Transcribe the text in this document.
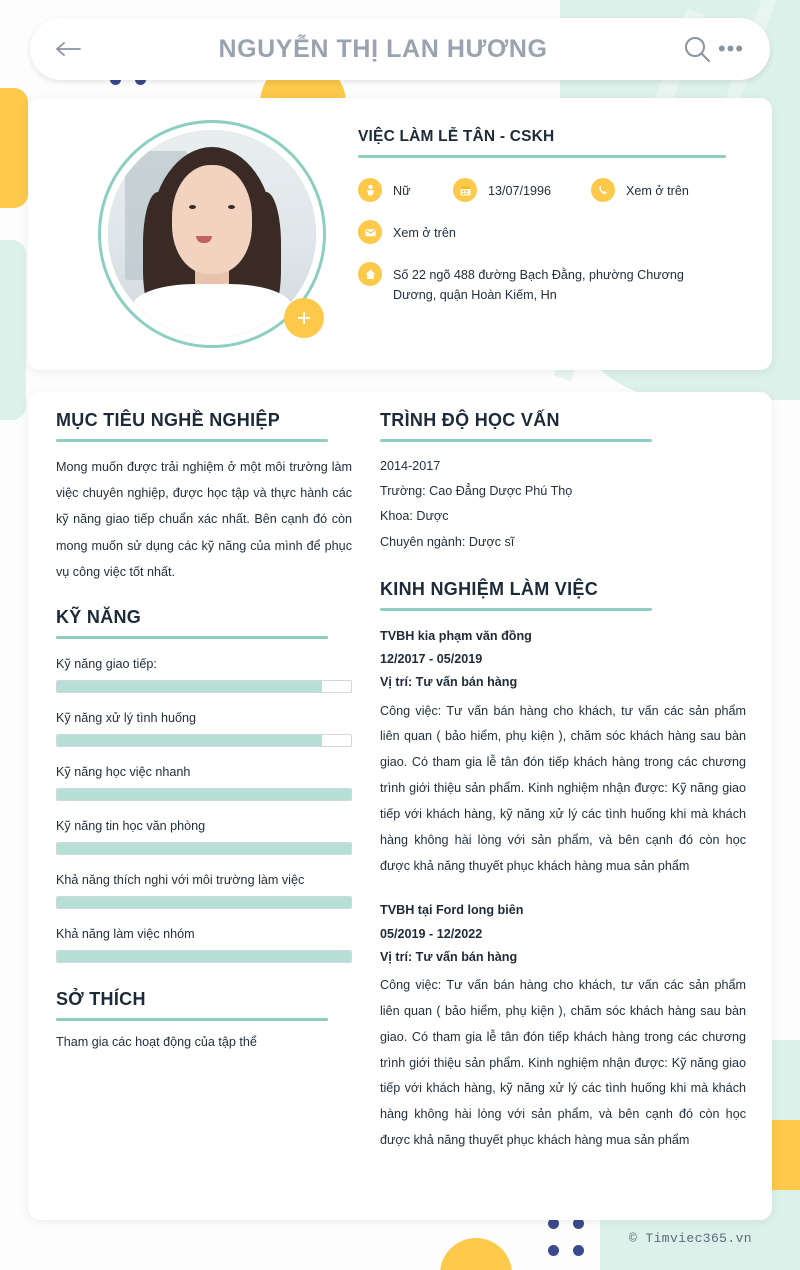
NGUYỄN THỊ LAN HƯƠNG	•••
+
VIỆC LÀM LỄ TÂN - CSKH
Nữ	13/07/1996	Xem ở trên
Xem ở trên
Số 22 ngõ 488 đường Bạch Đằng, phường Chương Dương, quận Hoàn Kiếm, Hn
MỤC TIÊU NGHỀ NGHIỆP
Mong muốn được trải nghiệm ở một môi trường làm việc chuyên nghiệp, được học tập và thực hành các kỹ năng giao tiếp chuẩn xác nhất. Bên cạnh đó còn mong muốn sử dụng các kỹ năng của mình để phục vụ công việc tốt nhất.
KỸ NĂNG
Kỹ năng giao tiếp:
Kỹ năng xử lý tình huống
Kỹ năng học việc nhanh
Kỹ năng tin học văn phòng
Khả năng thích nghi với môi trường làm việc
Khả năng làm việc nhóm
SỞ THÍCH
Tham gia các hoạt động của tập thể
TRÌNH ĐỘ HỌC VẤN
2014-2017
Trường: Cao Đẳng Dược Phú Thọ
Khoa: Dược
Chuyên ngành: Dược sĩ
KINH NGHIỆM LÀM VIỆC
TVBH kia phạm văn đồng
12/2017 - 05/2019
Vị trí: Tư vấn bán hàng
Công việc: Tư vấn bán hàng cho khách, tư vấn các sản phẩm liên quan ( bảo hiểm, phụ kiện ), chăm sóc khách hàng sau bàn giao. Có tham gia lễ tân đón tiếp khách hàng trong các chương trình giới thiệu sản phẩm. Kinh nghiệm nhận được: Kỹ năng giao tiếp với khách hàng, kỹ năng xử lý các tình huống khi mà khách hàng không hài lòng với sản phẩm, và bên cạnh đó còn học được khả năng thuyết phục khách hàng mua sản phẩm
TVBH tại Ford long biên
05/2019 - 12/2022
Vị trí: Tư vấn bán hàng
Công việc: Tư vấn bán hàng cho khách, tư vấn các sản phẩm liên quan ( bảo hiểm, phụ kiện ), chăm sóc khách hàng sau bàn giao. Có tham gia lễ tân đón tiếp khách hàng trong các chương trình giới thiệu sản phẩm. Kinh nghiệm nhận được: Kỹ năng giao tiếp với khách hàng, kỹ năng xử lý các tình huống khi mà khách hàng không hài lòng với sản phẩm, và bên cạnh đó còn học được khả năng thuyết phục khách hàng mua sản phẩm
© Timviec365.vn
